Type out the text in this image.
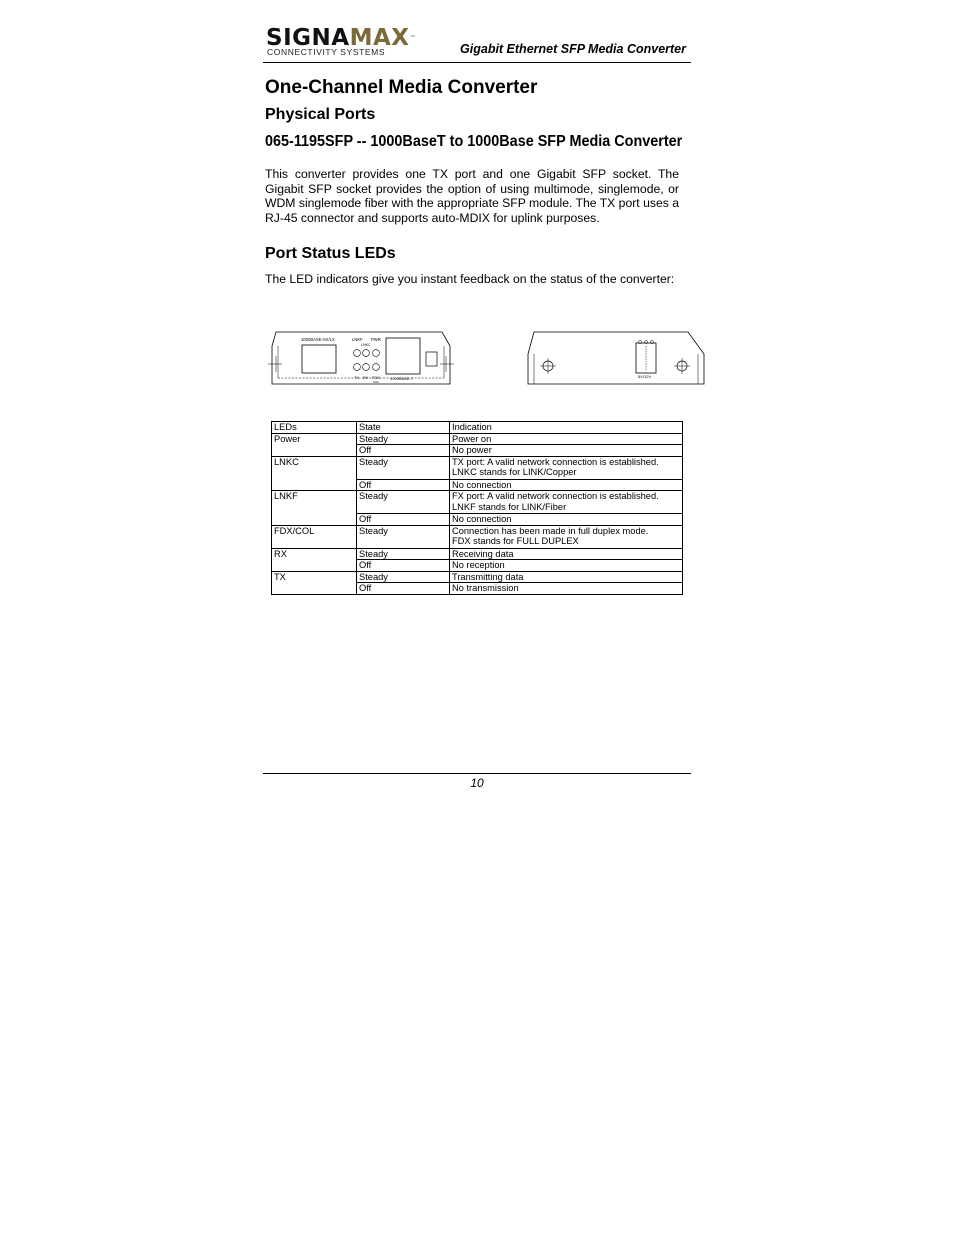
SIGNAMAX™
CONNECTIVITY SYSTEMS	Gigabit Ethernet SFP Media Converter
One-Channel Media Converter
Physical Ports
065-1195SFP -- 1000BaseT to 1000Base SFP Media Converter

This converter provides one TX port and one Gigabit SFP socket. The Gigabit SFP socket provides the option of using multimode, singlemode, or WDM singlemode fiber with the appropriate SFP module. The TX port uses a RJ-45 connector and supports auto-MDIX for uplink purposes.

Port Status LEDs

The LED indicators give you instant feedback on the status of the converter:

1000BASE-SX/LX	LNKF PWR
LNKC
TX RX FDX
COL
1000BASE-T	5V/12V
LEDs	State	Indication
Power	Steady	Power on

	Off	No power

LNKC	Steady	TX port: A valid network connection is established.
LNKC stands for LINK/Copper

	Off	No connection

LNKF	Steady	FX port: A valid network connection is established.
LNKF stands for LINK/Fiber

	Off	No connection

FDX/COL	Steady	Connection has been made in full duplex mode.
FDX stands for FULL DUPLEX

RX	Steady	Receiving data

	Off	No reception

TX	Steady	Transmitting data

	Off	No transmission
10
